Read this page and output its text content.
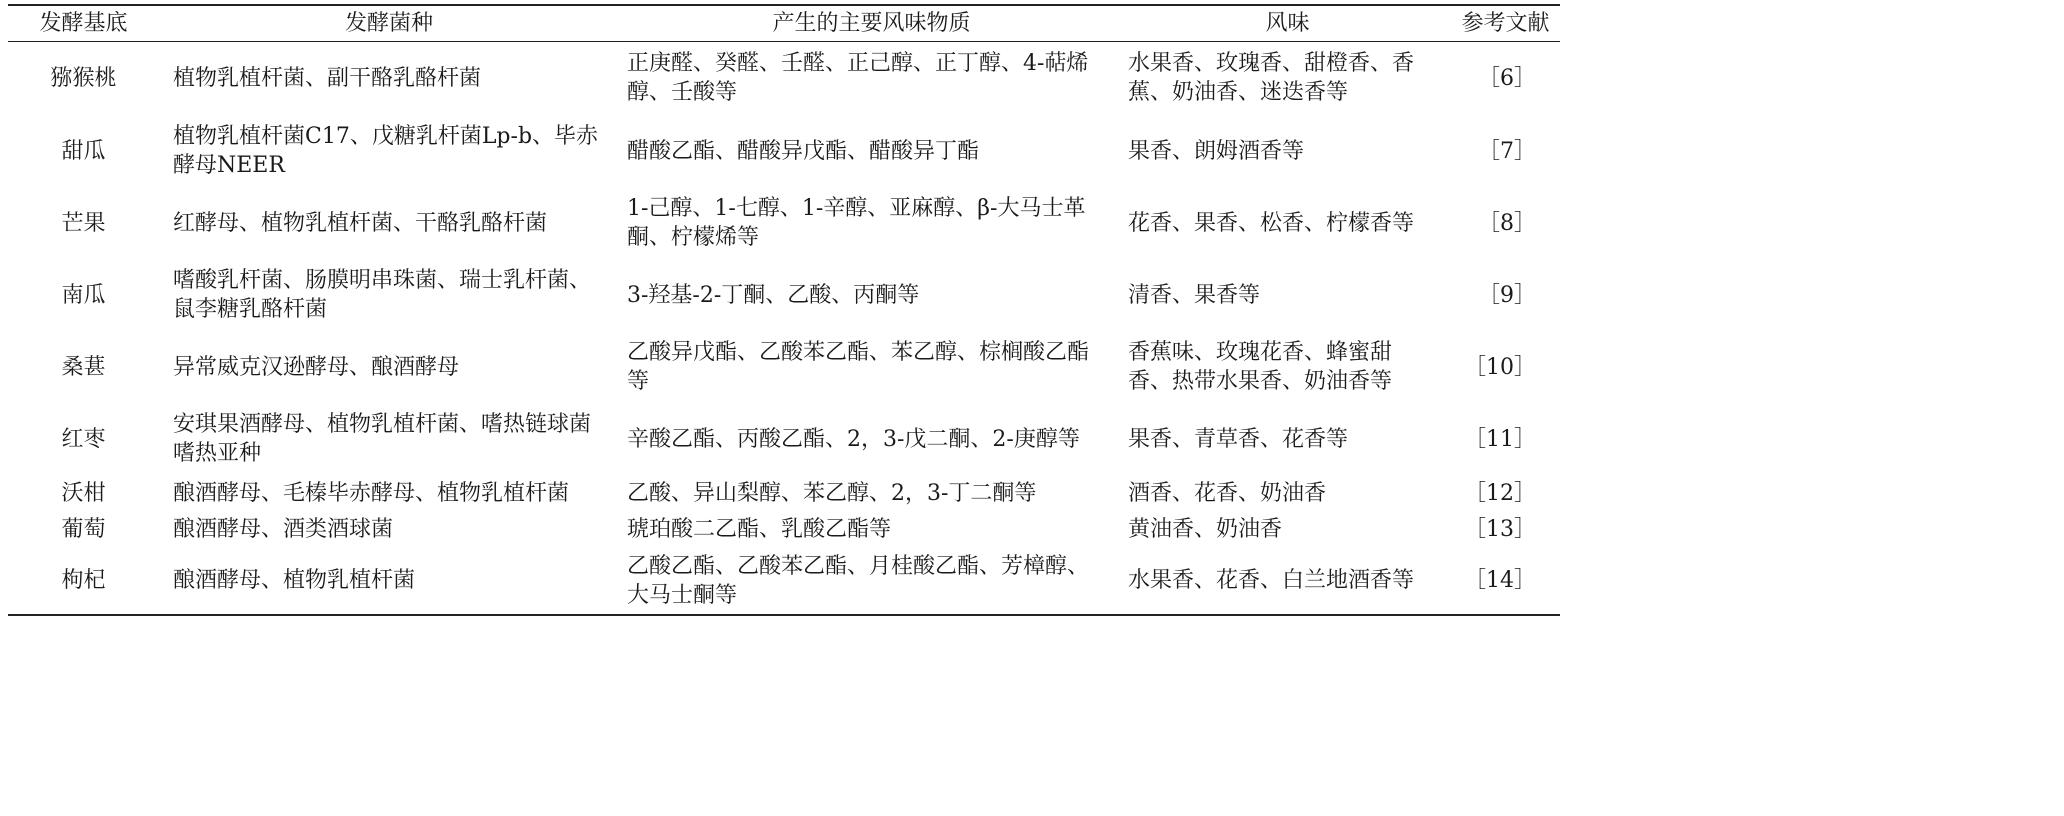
发酵基底	发酵菌种	产生的主要风味物质	风味	参考文献
猕猴桃	植物乳植杆菌、副干酪乳酪杆菌	正庚醛、癸醛、壬醛、正己醇、正丁醇、4-萜烯醇、壬酸等	水果香、玫瑰香、甜橙香、香蕉、奶油香、迷迭香等	［6］
甜瓜	植物乳植杆菌C17、戊糖乳杆菌Lp-b、毕赤酵母NEER	醋酸乙酯、醋酸异戊酯、醋酸异丁酯	果香、朗姆酒香等	［7］
芒果	红酵母、植物乳植杆菌、干酪乳酪杆菌	1-己醇、1-七醇、1-辛醇、亚麻醇、β-大马士革酮、柠檬烯等	花香、果香、松香、柠檬香等	［8］
南瓜	嗜酸乳杆菌、肠膜明串珠菌、瑞士乳杆菌、鼠李糖乳酪杆菌	3-羟基-2-丁酮、乙酸、丙酮等	清香、果香等	［9］
桑葚	异常威克汉逊酵母、酿酒酵母	乙酸异戊酯、乙酸苯乙酯、苯乙醇、棕榈酸乙酯等	香蕉味、玫瑰花香、蜂蜜甜香、热带水果香、奶油香等	［10］
红枣	安琪果酒酵母、植物乳植杆菌、嗜热链球菌嗜热亚种	辛酸乙酯、丙酸乙酯、2，3-戊二酮、2-庚醇等	果香、青草香、花香等	［11］
沃柑	酿酒酵母、毛榛毕赤酵母、植物乳植杆菌	乙酸、异山梨醇、苯乙醇、2，3-丁二酮等	酒香、花香、奶油香	［12］
葡萄	酿酒酵母、酒类酒球菌	琥珀酸二乙酯、乳酸乙酯等	黄油香、奶油香	［13］
枸杞	酿酒酵母、植物乳植杆菌	乙酸乙酯、乙酸苯乙酯、月桂酸乙酯、芳樟醇、大马士酮等	水果香、花香、白兰地酒香等	［14］
